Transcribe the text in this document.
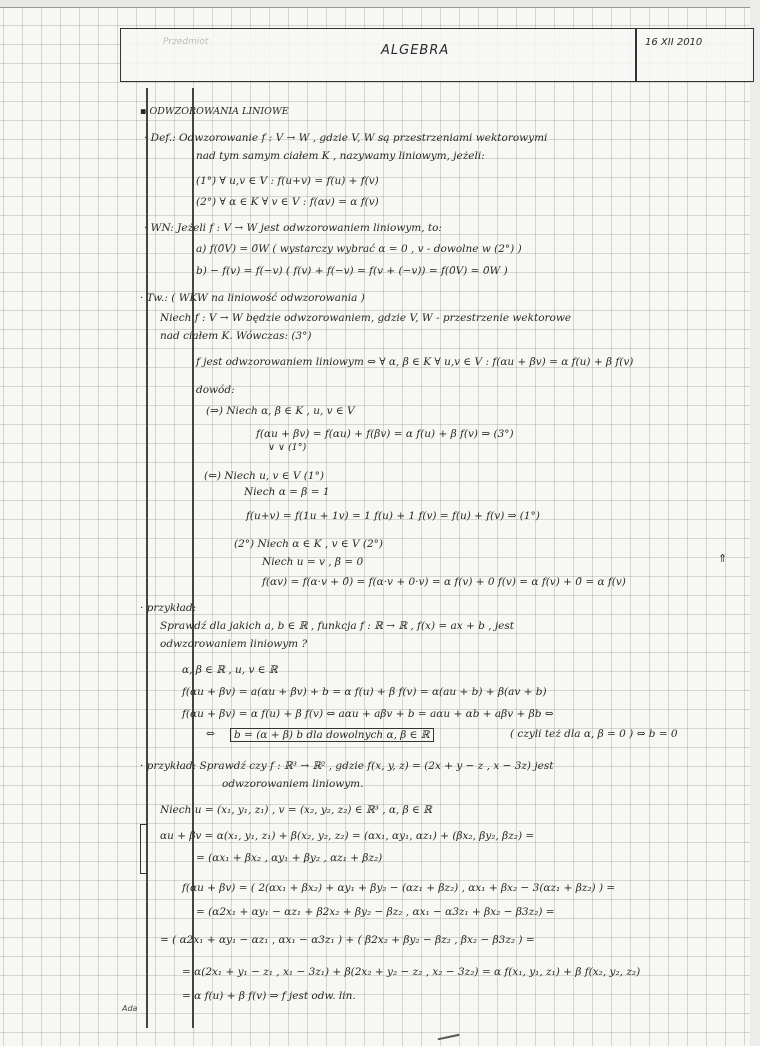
Przedmiot
ALGEBRA
16 XII 2010
⇑
▪ ODWZOROWANIA LINIOWE
· Def.: Odwzorowanie f : V → W , gdzie V, W są przestrzeniami wektorowymi
nad tym samym ciałem K , nazywamy liniowym, jeżeli:
(1°) ∀ u,v ∈ V : f(u+v) = f(u) + f(v)
(2°) ∀ α ∈ K ∀ v ∈ V : f(αv) = α f(v)
· WN: Jeżeli f : V → W jest odwzorowaniem liniowym, to:
a) f(0̄V) = 0̄W ( wystarczy wybrać α = 0 , v - dowolne w (2°) )
b) − f(v) = f(−v) ( f(v) + f(−v) = f(v + (−v)) = f(0̄V) = 0̄W )
· Tw.: ( WKW na liniowość odwzorowania )
Niech f : V → W będzie odwzorowaniem, gdzie V, W - przestrzenie wektorowe
nad ciałem K. Wówczas: (3°)
f jest odwzorowaniem liniowym ⇔ ∀ α, β ∈ K ∀ u,v ∈ V : f(αu + βv) = α f(u) + β f(v)
dowód:
(⇒) Niech α, β ∈ K , u, v ∈ V
f(αu + βv) = f(αu) + f(βv) = α f(u) + β f(v) ⇒ (3°)
∨ ∨ (1°)
(⇐) Niech u, v ∈ V (1°)
Niech α = β = 1
f(u+v) = f(1u + 1v) = 1 f(u) + 1 f(v) = f(u) + f(v) ⇒ (1°)
(2°) Niech α ∈ K , v ∈ V (2°)
Niech u = v , β = 0
f(αv) = f(α·v + 0̄) = f(α·v + 0·v) = α f(v) + 0 f(v) = α f(v) + 0̄ = α f(v)
· przykład:
Sprawdź dla jakich a, b ∈ ℝ , funkcja f : ℝ → ℝ , f(x) = ax + b , jest
odwzorowaniem liniowym ?
α, β ∈ ℝ , u, v ∈ ℝ
f(αu + βv) = a(αu + βv) + b = α f(u) + β f(v) = α(au + b) + β(av + b)
f(αu + βv) = α f(u) + β f(v) ⇔ aαu + aβv + b = aαu + αb + aβv + βb ⇔
⇔	b = (α + β) b dla dowolnych α, β ∈ ℝ	( czyli też dla α, β = 0 ) ⇔ b = 0
· przykład: Sprawdź czy f : ℝ³ → ℝ² , gdzie f(x, y, z) = (2x + y − z , x − 3z) jest
odwzorowaniem liniowym.
Niech u = (x₁, y₁, z₁) , v = (x₂, y₂, z₂) ∈ ℝ³ , α, β ∈ ℝ
αu + βv = α(x₁, y₁, z₁) + β(x₂, y₂, z₂) = (αx₁, αy₁, αz₁) + (βx₂, βy₂, βz₂) =
= (αx₁ + βx₂ , αy₁ + βy₂ , αz₁ + βz₂)
f(αu + βv) = ( 2(αx₁ + βx₂) + αy₁ + βy₂ − (αz₁ + βz₂) , αx₁ + βx₂ − 3(αz₁ + βz₂) ) =
= (α2x₁ + αy₁ − αz₁ + β2x₂ + βy₂ − βz₂ , αx₁ − α3z₁ + βx₂ − β3z₂) =
= ( α2x₁ + αy₁ − αz₁ , αx₁ − α3z₁ ) + ( β2x₂ + βy₂ − βz₂ , βx₂ − β3z₂ ) =
= α(2x₁ + y₁ − z₁ , x₁ − 3z₁) + β(2x₂ + y₂ − z₂ , x₂ − 3z₂) = α f(x₁, y₁, z₁) + β f(x₂, y₂, z₂)
= α f(u) + β f(v) ⇒ f jest odw. lin.
Ada
